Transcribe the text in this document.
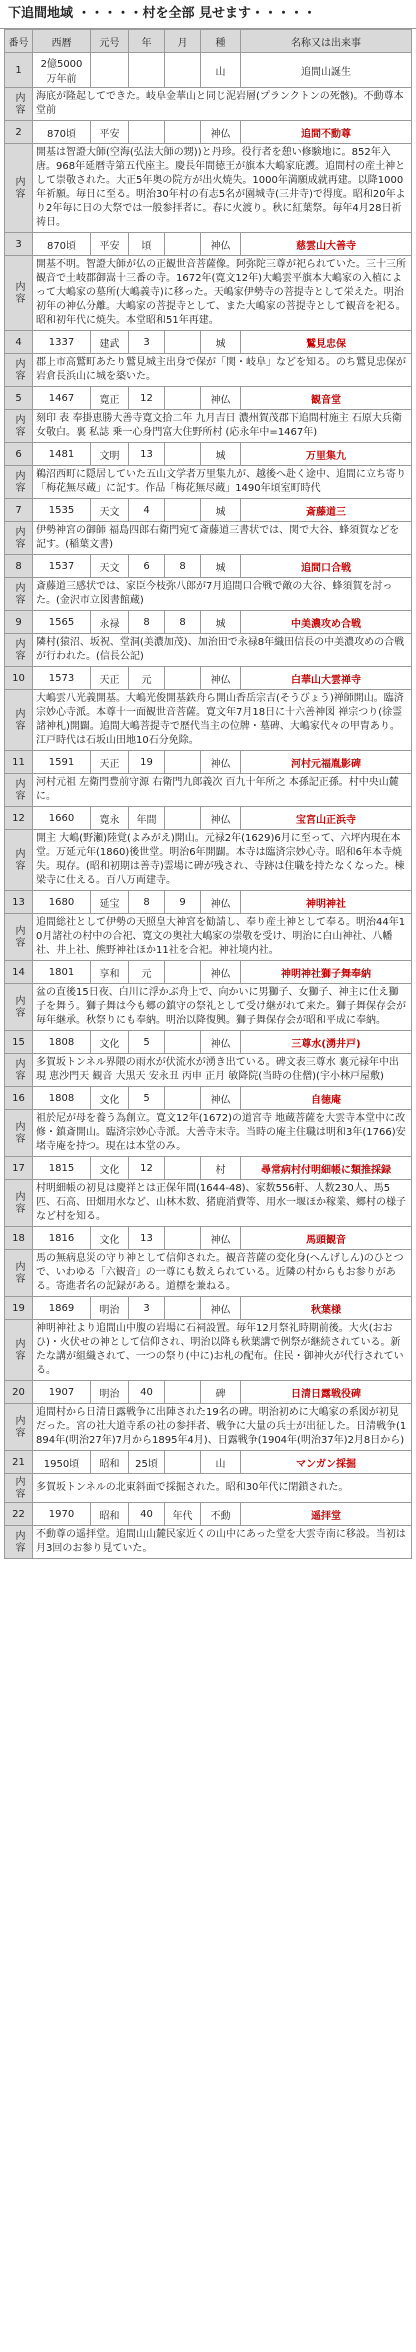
下追間地域 ・・・・・村を全部 見せます・・・・・
番号	西暦	元号	年	月	種	名称又は出来事
1	2億5000万年前				山	追間山誕生
内容	海底が隆起してできた。岐阜金華山と同じ泥岩層(プランクトンの死骸)。不動尊本堂前					
2	870頃	平安			神仏	追間不動尊
内容	開基は智證大師(空海(弘法大師の甥))と丹珍。役行者を憩い修験地に。852年入唐。968年延暦寺第五代座主。慶長年間徳王が旗本大嶋家庇護。追間村の産土神として崇敬された。大正5年奥の院方が出火焼失。1000年満願成就再建。以降1000年祈願。毎日に至る。明治30年村の有志5名が園城寺(三井寺)で得度。昭和20年より2年毎に日の大祭では一般参拝者に。春に火渡り。秋に紅葉祭。毎年4月28日祈祷日。					
3	870頃	平安	頃		神仏	慈雲山大善寺
内容	開基不明。智證大師が仏の正観世音菩薩像。阿弥陀三尊が祀られていた。三十三所観音で土岐郡御嵩十三番の寺。1672年(寛文12年)大嶋雲平旗本大嶋家の入植によって大嶋家の墓所(大嶋義寺)に移った。天嶋家伊勢寺の菩提寺として栄えた。明治初年の神仏分離。大嶋家の菩提寺として、また大嶋家の菩提寺として観音を祀る。昭和初年代に焼失。本堂昭和51年再建。					
4	1337	建武	3		城	鷲見忠保
内容	郡上市高鷲町あたり鷲見城主出身で保が「関・岐阜」などを知る。のち鷲見忠保が岩倉長浜山に城を築いた。					
5	1467	寛正	12		神仏	観音堂
内容	刻印 表 奉掛恵勝大善寺寛文拾二年 九月吉日 濃州賀茂郡下追間村施主 石原大兵衛女敬白。裏 私誌 乗一心身門富大住野所村 (応永年中=1467年)					
6	1481	文明	13		城	万里集九
内容	鵜沼西町に隠居していた五山文学者万里集九が、越後へ赴く途中、追間に立ち寄り「梅花無尽蔵」に記す。作品「梅花無尽蔵」1490年頃室町時代					
7	1535	天文	4		城	斎藤道三
内容	伊勢神宮の御師 福島四郎右衛門宛て斎藤道三書状では、関で大谷、蜂須賀などを記す。(稲葉文書)					
8	1537	天文	6	8	城	追間口合戦
内容	斎藤道三感状では、家臣今枝弥八郎が7月追間口合戦で敵の大谷、蜂須賀を討った。(金沢市立図書館蔵)					
9	1565	永禄	8	8	城	中美濃攻め合戦
内容	隣村(猿沼、坂祝、堂洞(美濃加茂)、加治田で永禄8年織田信長の中美濃攻めの合戦が行われた。(信長公記)					
10	1573	天正	元		神仏	白華山大雲禅寺
内容	大嶋雲八光義開基。大嶋光俊開基鉄舟ら開山香岳宗吉(そうびょう)禅師開山。臨済宗妙心寺派。本尊十一面観世音菩薩。寛文年7月18日に十六善神図 禅宗つり(徐霊諸神札)開闢。追間大嶋菩提寺で歴代当主の位牌・墓碑、大嶋家代々の甲冑あり。江戸時代は石坂山田地10石分免除。					
11	1591	天正	19		神仏	河村元福胤影碑
内容	河村元祖 左衛門豊前守源 右衛門九郎義次 百九十年所之 本孫記正孫。村中央山麓に。					
12	1660	寛永	年間		神仏	宝宮山正浜寺
内容	開主 大嶋(野瀬)陸覚(よみがえ)開山。元禄2年(1629)6月に至って、六坪内現在本堂。万延元年(1860)後世堂。明治6年開闢。本寺は臨済宗妙心寺。昭和6年本寺焼失。現存。(昭和初期は善寺)霊場に碑が残され、寺跡は住職を持たなくなった。棟梁寺に仕える。百八万両建寺。					
13	1680	延宝	8	9	神仏	神明神社
内容	追間総社として伊勢の天照皇大神宮を勧請し、奉り産土神として奉る。明治44年10月諸社の村中の合祀、寛文の奥社大嶋家の崇敬を受け、明治に白山神社、八幡社、井上社、熊野神社ほか11社を合祀。神社境内社。					
14	1801	享和	元		神仏	神明神社獅子舞奉納
内容	盆の直後15日夜、白川に浮かぶ舟上で、向かいに男獅子、女獅子、神主に仕え獅子を舞う。獅子舞は今も郷の鎮守の祭礼として受け継がれて来た。獅子舞保存会が毎年継承。秋祭りにも奉納。明治以降復興。獅子舞保存会が昭和平成に奉納。					
15	1808	文化	5		神仏	三尊水(湧井戸)
内容	多賀坂トンネル界隈の雨水が伏流水が湧き出ている。碑文表三尊水 裏元禄年中出現 恵沙門天 観音 大黒天 安永丑 丙申 正月 敏降院(当時の住僧)(宇小林戸屋敷)					
16	1808	文化	5		神仏	自徳庵
内容	祖於尼が母を養う為創立。寛文12年(1672)の道宮寺 地蔵菩薩を大雲寺本堂中に改修・鎮斎開山。臨済宗妙心寺派。大善寺末寺。当時の庵主住職は明和3年(1766)安堵寺庵を持つ。現在は本堂のみ。					
17	1815	文化	12		村	尋常病村付明細帳に類推採録
内容	村明細帳の初見は慶祥とは正保年間(1644-48)、家数556軒、人数230人、馬5匹、石高、田畑用水など、山林木数、猪鹿消費等、用水一堰ほか稼業、郷村の様子など村を知る。					
18	1816	文化	13		神仏	馬頭観音
内容	馬の無病息災の守り神として信仰された。観音菩薩の変化身(へんげしん)のひとつで、いわゆる「六観音」の一尊にも数えられている。近隣の村からもお参りがある。寄進者名の記録がある。道標を兼ねる。					
19	1869	明治	3		神仏	秋葉様
内容	神明神社より追間山中腹の岩場に石祠設置。毎年12月祭礼時期前後。大火(おおひ)・火伏せの神として信仰され、明治以降も秋葉講で例祭が継続されている。新たな講が組織されて、一つの祭り(中に)お札の配布。住民・御神火が代行されている。					
20	1907	明治	40		碑	日清日露戦役碑
内容	追間村から日清日露戦争に出陣された19名の碑。明治初めに大嶋家の系図が初見だった。宮の社大道寺系の社の参拝者、戦争に大量の兵士が出征した。日清戦争(1894年(明治27年)7月から1895年4月)、日露戦争(1904年(明治37年)2月8日から)					
21	1950頃	昭和	25頃		山	マンガン採掘
内容	多賀坂トンネルの北東斜面で採掘された。昭和30年代に閉鎖された。					
22	1970	昭和	40	年代	不動	遥拝堂
内容	不動尊の遥拝堂。追間山山麓民家近くの山中にあった堂を大雲寺南に移設。当初は月3回のお参り見ていた。					
